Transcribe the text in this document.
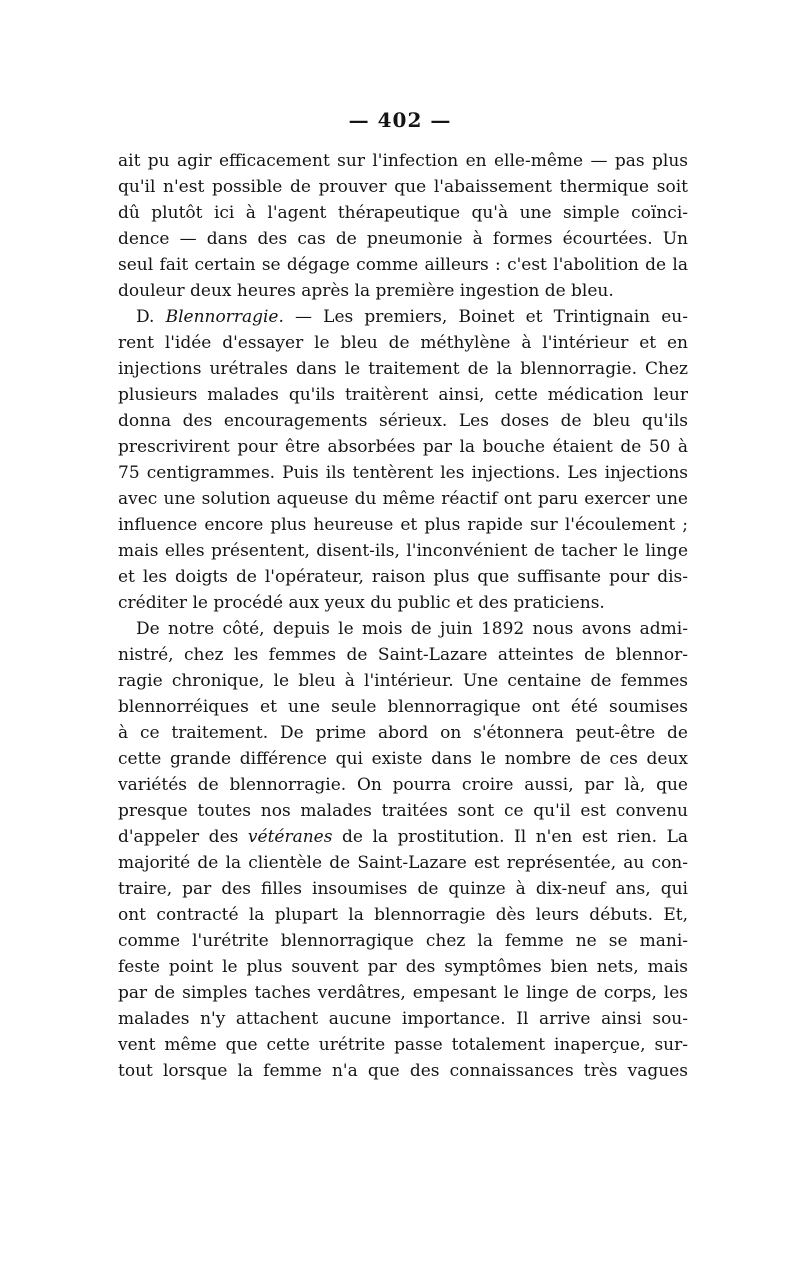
— 402 —
ait pu agir efficacement sur l'infection en elle-même — pas plus
qu'il n'est possible de prouver que l'abaissement thermique soit
dû plutôt ici à l'agent thérapeutique qu'à une simple coïnci-
dence — dans des cas de pneumonie à formes écourtées. Un
seul fait certain se dégage comme ailleurs : c'est l'abolition de la
douleur deux heures après la première ingestion de bleu.
D. Blennorragie. — Les premiers, Boinet et Trintignain eu-
rent l'idée d'essayer le bleu de méthylène à l'intérieur et en
injections urétrales dans le traitement de la blennorragie. Chez
plusieurs malades qu'ils traitèrent ainsi, cette médication leur
donna des encouragements sérieux. Les doses de bleu qu'ils
prescrivirent pour être absorbées par la bouche étaient de 50 à
75 centigrammes. Puis ils tentèrent les injections. Les injections
avec une solution aqueuse du même réactif ont paru exercer une
influence encore plus heureuse et plus rapide sur l'écoulement ;
mais elles présentent, disent-ils, l'inconvénient de tacher le linge
et les doigts de l'opérateur, raison plus que suffisante pour dis-
créditer le procédé aux yeux du public et des praticiens.
De notre côté, depuis le mois de juin 1892 nous avons admi-
nistré, chez les femmes de Saint-Lazare atteintes de blennor-
ragie chronique, le bleu à l'intérieur. Une centaine de femmes
blennorréiques et une seule blennorragique ont été soumises
à ce traitement. De prime abord on s'étonnera peut-être de
cette grande différence qui existe dans le nombre de ces deux
variétés de blennorragie. On pourra croire aussi, par là, que
presque toutes nos malades traitées sont ce qu'il est convenu
d'appeler des vétéranes de la prostitution. Il n'en est rien. La
majorité de la clientèle de Saint-Lazare est représentée, au con-
traire, par des filles insoumises de quinze à dix-neuf ans, qui
ont contracté la plupart la blennorragie dès leurs débuts. Et,
comme l'urétrite blennorragique chez la femme ne se mani-
feste point le plus souvent par des symptômes bien nets, mais
par de simples taches verdâtres, empesant le linge de corps, les
malades n'y attachent aucune importance. Il arrive ainsi sou-
vent même que cette urétrite passe totalement inaperçue, sur-
tout lorsque la femme n'a que des connaissances très vagues
